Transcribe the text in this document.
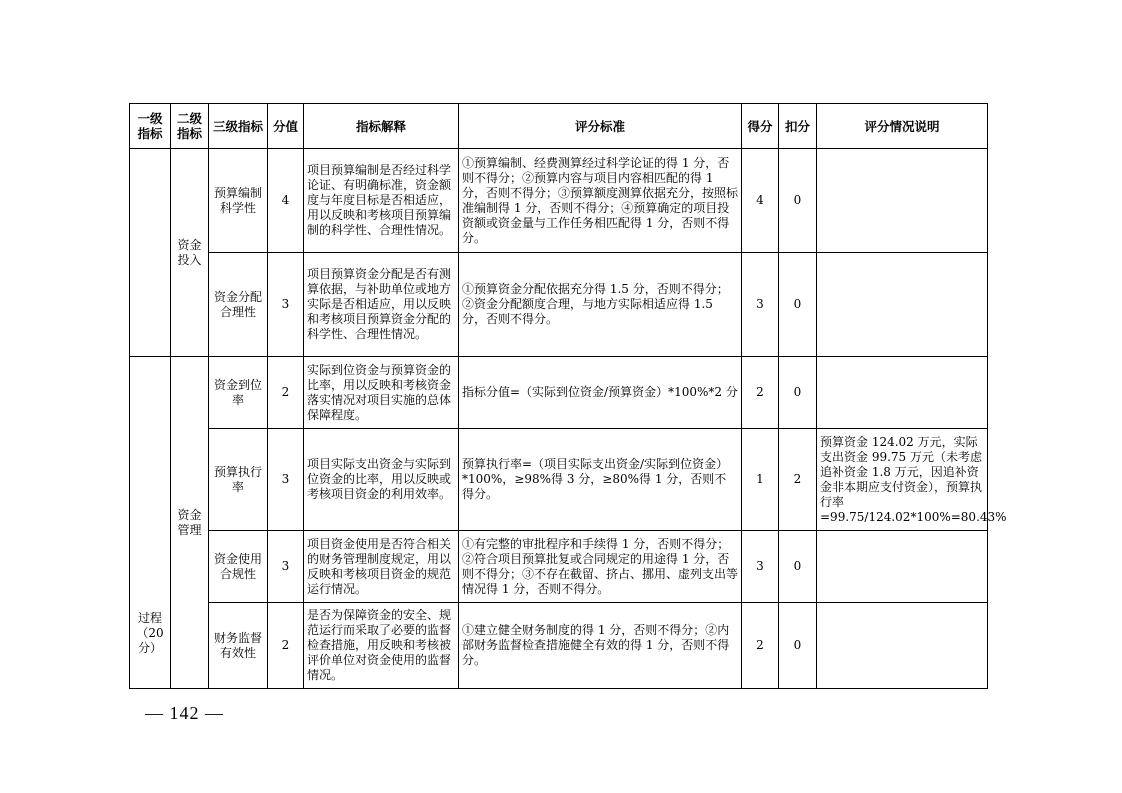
一级指标	二级指标	三级指标	分值	指标解释	评分标准	得分	扣分	评分情况说明
	资金投入	预算编制科学性	4	项目预算编制是否经过科学论证、有明确标准，资金额度与年度目标是否相适应，用以反映和考核项目预算编制的科学性、合理性情况。	①预算编制、经费测算经过科学论证的得 1 分，否则不得分；②预算内容与项目内容相匹配的得 1 分，否则不得分；③预算额度测算依据充分，按照标准编制得 1 分，否则不得分；④预算确定的项目投资额或资金量与工作任务相匹配得 1 分，否则不得分。	4	0	
		资金分配合理性	3	项目预算资金分配是否有测算依据，与补助单位或地方实际是否相适应，用以反映和考核项目预算资金分配的科学性、合理性情况。	①预算资金分配依据充分得 1.5 分，否则不得分；②资金分配额度合理，与地方实际相适应得 1.5 分，否则不得分。	3	0	
过程（20分）	资金管理	资金到位率	2	实际到位资金与预算资金的比率，用以反映和考核资金落实情况对项目实施的总体保障程度。	指标分值=（实际到位资金/预算资金）*100%*2 分	2	0	
		预算执行率	3	项目实际支出资金与实际到位资金的比率，用以反映或考核项目资金的利用效率。	预算执行率=（项目实际支出资金/实际到位资金）*100%，≥98%得 3 分，≥80%得 1 分，否则不得分。	1	2	预算资金 124.02 万元，实际支出资金 99.75 万元（未考虑追补资金 1.8 万元，因追补资金非本期应支付资金），预算执行率=99.75/124.02*100%=80.43%
		资金使用合规性	3	项目资金使用是否符合相关的财务管理制度规定，用以反映和考核项目资金的规范运行情况。	①有完整的审批程序和手续得 1 分，否则不得分；②符合项目预算批复或合同规定的用途得 1 分，否则不得分；③不存在截留、挤占、挪用、虚列支出等情况得 1 分，否则不得分。	3	0	
		财务监督有效性	2	是否为保障资金的安全、规范运行而采取了必要的监督检查措施，用反映和考核被评价单位对资金使用的监督情况。	①建立健全财务制度的得 1 分，否则不得分；②内部财务监督检查措施健全有效的得 1 分，否则不得分。	2	0	
— 142 —
